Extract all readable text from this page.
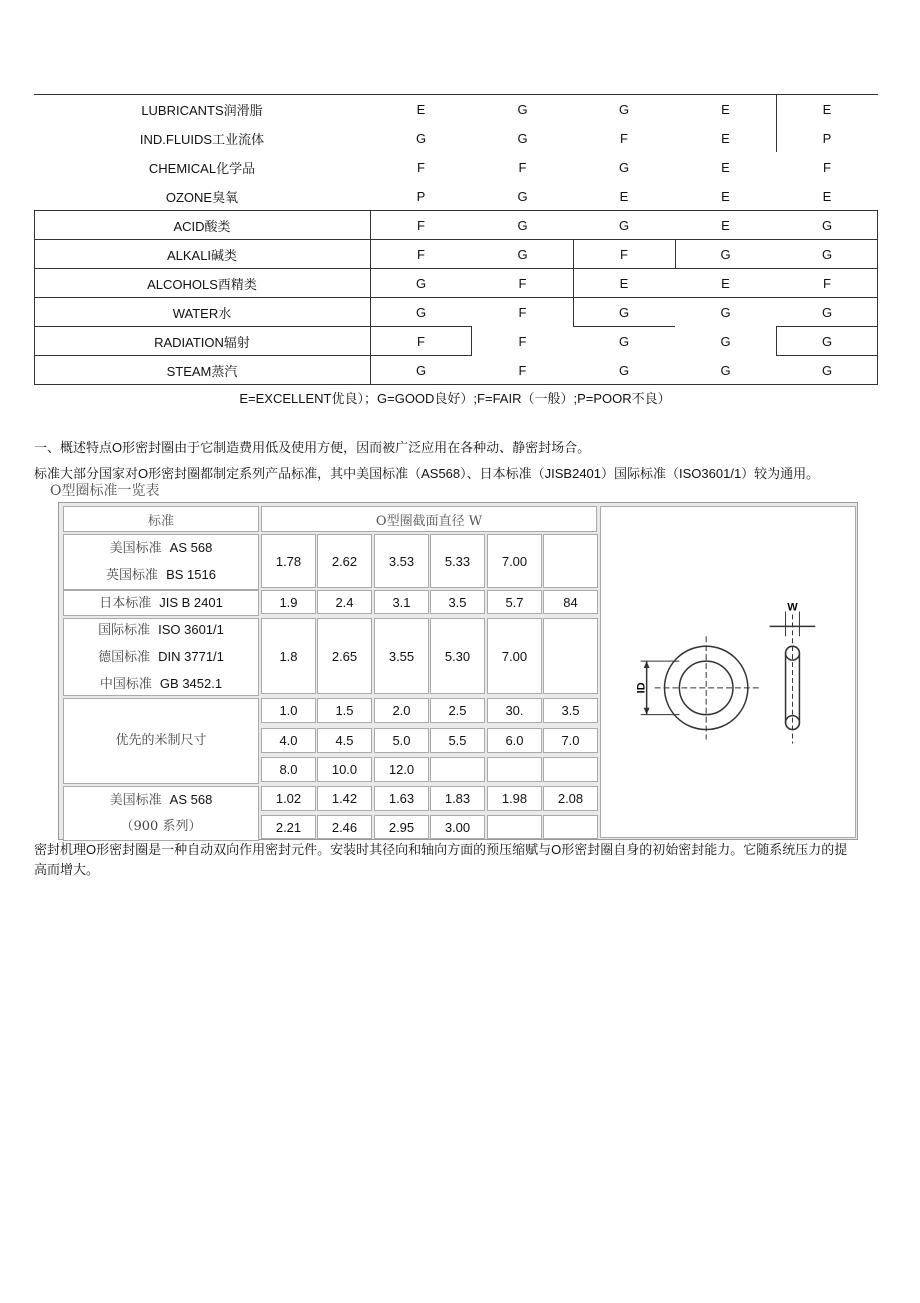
LUBRICANTS润滑脂	E	G	G	E	E
IND.FLUIDS工业流体	G	G	F	E	P
CHEMICAL化学品	F	F	G	E	F
OZONE臭氧	P	G	E	E	E
ACID酸类	F	G	G	E	G
ALKALI碱类	F	G	F	G	G
ALCOHOLS酉精类	G	F	E	E	F
WATER水	G	F	G	G	G
RADIATION辐射	F	F	G	G	G
STEAM蒸汽	G	F	G	G	G
E=EXCELLENT优良）；G=GOOD良好）;F=FAIR（一般）;P=POOR不良）
一、概述特点O形密封圈由于它制造费用低及使用方便，因而被广泛应用在各种动、静密封场合。
标准大部分国家对O形密封圈都制定系列产品标准，其中美国标准（AS568）、日本标准（JISB2401）国际标准（ISO3601/1）较为通用。
O型圈标准一览表
标准	O型圈截面直径 W
ID
W
美国标准 AS 568
英国标准 BS 1516
1.78	2.62	3.53	5.33	7.00
日本标准 JIS B 2401	1.9	2.4	3.1	3.5	5.7	84
国际标准 ISO 3601/1
德国标准 DIN 3771/1
中国标准 GB 3452.1
1.8	2.65	3.55	5.30	7.00
优先的米制尺寸
1.0	1.5	2.0	2.5	30.	3.5
4.0	4.5	5.0	5.5	6.0	7.0
8.0	10.0	12.0
美国标准 AS 568
（900 系列）
1.02	1.42	1.63	1.83	1.98	2.08
2.21	2.46	2.95	3.00
密封机理O形密封圈是一种自动双向作用密封元件。安装时其径向和轴向方面的预压缩赋与O形密封圈自身的初始密封能力。它随系统压力的提
高而增大。
